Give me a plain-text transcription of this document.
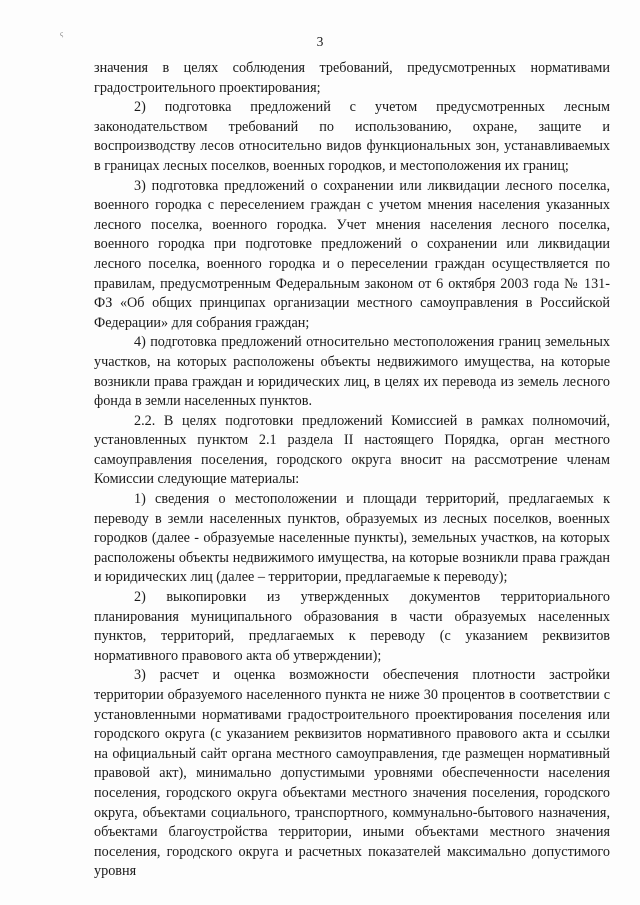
ς
3

значения в целях соблюдения требований, предусмотренных нормативами градостроительного проектирования;

2) подготовка предложений с учетом предусмотренных лесным законодательством требований по использованию, охране, защите и воспроизводству лесов относительно видов функциональных зон, устанавливаемых в границах лесных поселков, военных городков, и местоположения их границ;

3) подготовка предложений о сохранении или ликвидации лесного поселка, военного городка с переселением граждан с учетом мнения населения указанных лесного поселка, военного городка. Учет мнения населения лесного поселка, военного городка при подготовке предложений о сохранении или ликвидации лесного поселка, военного городка и о переселении граждан осуществляется по правилам, предусмотренным Федеральным законом от 6 октября 2003 года № 131-ФЗ «Об общих принципах организации местного самоуправления в Российской Федерации» для собрания граждан;

4) подготовка предложений относительно местоположения границ земельных участков, на которых расположены объекты недвижимого имущества, на которые возникли права граждан и юридических лиц, в целях их перевода из земель лесного фонда в земли населенных пунктов.

2.2. В целях подготовки предложений Комиссией в рамках полномочий, установленных пунктом 2.1 раздела II настоящего Порядка, орган местного самоуправления поселения, городского округа вносит на рассмотрение членам Комиссии следующие материалы:

1) сведения о местоположении и площади территорий, предлагаемых к переводу в земли населенных пунктов, образуемых из лесных поселков, военных городков (далее - образуемые населенные пункты), земельных участков, на которых расположены объекты недвижимого имущества, на которые возникли права граждан и юридических лиц (далее – территории, предлагаемые к переводу);

2) выкопировки из утвержденных документов территориального планирования муниципального образования в части образуемых населенных пунктов, территорий, предлагаемых к переводу (с указанием реквизитов нормативного правового акта об утверждении);

3) расчет и оценка возможности обеспечения плотности застройки территории образуемого населенного пункта не ниже 30 процентов в соответствии с установленными нормативами градостроительного проектирования поселения или городского округа (с указанием реквизитов нормативного правового акта и ссылки на официальный сайт органа местного самоуправления, где размещен нормативный правовой акт), минимально допустимыми уровнями обеспеченности населения поселения, городского округа объектами местного значения поселения, городского округа, объектами социального, транспортного, коммунально-бытового назначения, объектами благоустройства территории, иными объектами местного значения поселения, городского округа и расчетных показателей максимально допустимого уровня
